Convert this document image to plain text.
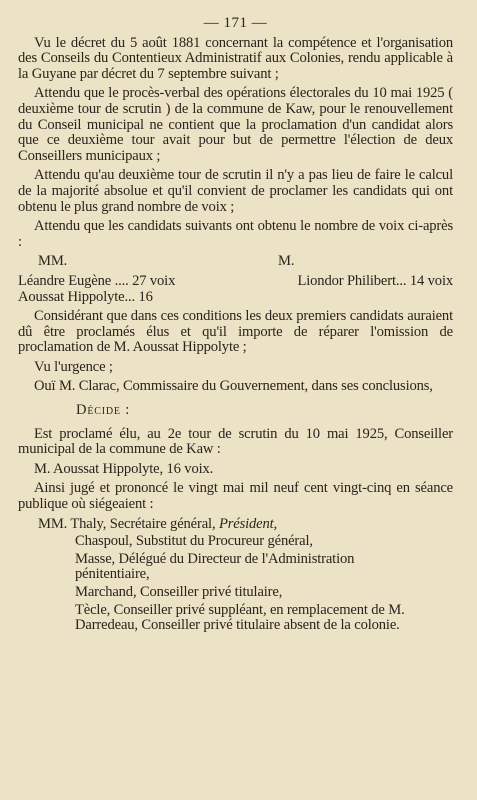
— 171 —

Vu le décret du 5 août 1881 concernant la compétence et l'organisation des Conseils du Contentieux Administratif aux Colonies, rendu applicable à la Guyane par décret du 7 septembre suivant ;

Attendu que le procès-verbal des opérations électorales du 10 mai 1925 ( deuxième tour de scrutin ) de la commune de Kaw, pour le renouvellement du Conseil municipal ne contient que la proclamation d'un candidat alors que ce deuxième tour avait pour but de permettre l'élection de deux Conseillers municipaux ;

Attendu qu'au deuxième tour de scrutin il n'y a pas lieu de faire le calcul de la majorité absolue et qu'il convient de proclamer les candidats qui ont obtenu le plus grand nombre de voix ;

Attendu que les candidats suivants ont obtenu le nombre de voix ci-après :

MM.	M.
Léandre Eugène .... 27 voix	Liondor Philibert... 14 voix
Aoussat Hippolyte... 16

Considérant que dans ces conditions les deux premiers candidats auraient dû être proclamés élus et qu'il importe de réparer l'omission de proclamation de M. Aoussat Hippolyte ;

Vu l'urgence ;

Ouï M. Clarac, Commissaire du Gouvernement, dans ses conclusions,

Décide :

Est proclamé élu, au 2e tour de scrutin du 10 mai 1925, Conseiller municipal de la commune de Kaw :

M. Aoussat Hippolyte, 16 voix.

Ainsi jugé et prononcé le vingt mai mil neuf cent vingt-cinq en séance publique où siégeaient :

MM. Thaly, Secrétaire général, Président,

Chaspoul, Substitut du Procureur général,

Masse, Délégué du Directeur de l'Administration pénitentiaire,

Marchand, Conseiller privé titulaire,

Tècle, Conseiller privé suppléant, en remplacement de M. Darredeau, Conseiller privé titulaire absent de la colonie.
